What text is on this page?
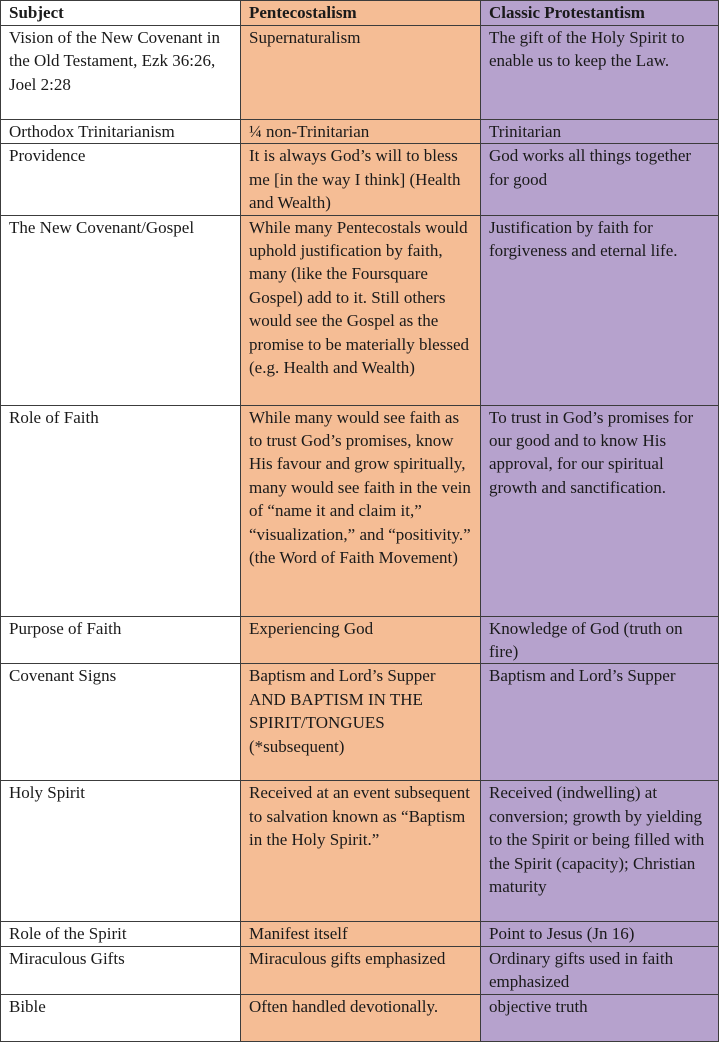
Subject	Pentecostalism	Classic Protestantism
Vision of the New Covenant in the Old Testament, Ezk 36:26, Joel 2:28	Supernaturalism	The gift of the Holy Spirit to enable us to keep the Law.
Orthodox Trinitarianism	¼ non-Trinitarian	Trinitarian
Providence	It is always God’s will to bless me [in the way I think] (Health and Wealth)	God works all things together for good
The New Covenant/Gospel	While many Pentecostals would uphold justification by faith, many (like the Foursquare Gospel) add to it. Still others would see the Gospel as the promise to be materially blessed (e.g. Health and Wealth)	Justification by faith for forgiveness and eternal life.
Role of Faith	While many would see faith as to trust God’s promises, know His favour and grow spiritually, many would see faith in the vein of “name it and claim it,” “visualization,” and “positivity.” (the Word of Faith Movement)	To trust in God’s promises for our good and to know His approval, for our spiritual growth and sanctification.
Purpose of Faith	Experiencing God	Knowledge of God (truth on fire)
Covenant Signs	Baptism and Lord’s Supper AND BAPTISM IN THE SPIRIT/TONGUES (*subsequent)	Baptism and Lord’s Supper
Holy Spirit	Received at an event subsequent to salvation known as “Baptism in the Holy Spirit.”	Received (indwelling) at conversion; growth by yielding to the Spirit or being filled with the Spirit (capacity); Christian maturity
Role of the Spirit	Manifest itself	Point to Jesus (Jn 16)
Miraculous Gifts	Miraculous gifts emphasized	Ordinary gifts used in faith emphasized
Bible	Often handled devotionally.	objective truth
